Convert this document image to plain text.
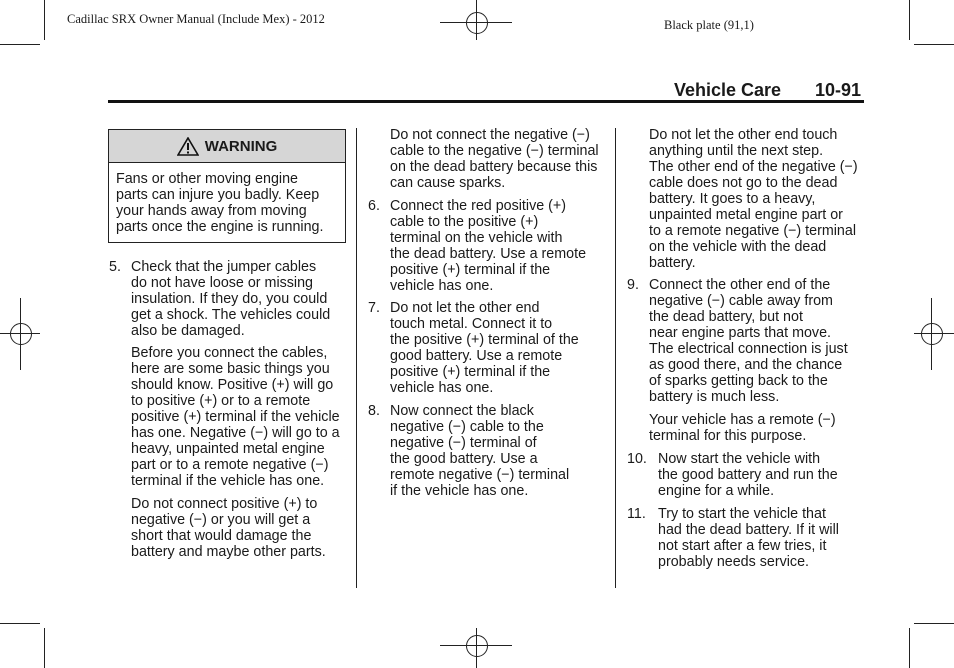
Cadillac SRX Owner Manual (Include Mex) - 2012	Black plate (91,1)
Vehicle Care 10-91
WARNING
Fans or other moving engine
parts can injure you badly. Keep
your hands away from moving
parts once the engine is running.
5. Check that the jumper cables
do not have loose or missing
insulation. If they do, you could
get a shock. The vehicles could
also be damaged.
Before you connect the cables,
here are some basic things you
should know. Positive (+) will go
to positive (+) or to a remote
positive (+) terminal if the vehicle
has one. Negative (−) will go to a
heavy, unpainted metal engine
part or to a remote negative (−)
terminal if the vehicle has one.
Do not connect positive (+) to
negative (−) or you will get a
short that would damage the
battery and maybe other parts.
Do not connect the negative (−)
cable to the negative (−) terminal
on the dead battery because this
can cause sparks.
6. Connect the red positive (+)
cable to the positive (+)
terminal on the vehicle with
the dead battery. Use a remote
positive (+) terminal if the
vehicle has one.
7. Do not let the other end
touch metal. Connect it to
the positive (+) terminal of the
good battery. Use a remote
positive (+) terminal if the
vehicle has one.
8. Now connect the black
negative (−) cable to the
negative (−) terminal of
the good battery. Use a
remote negative (−) terminal
if the vehicle has one.
Do not let the other end touch
anything until the next step.
The other end of the negative (−)
cable does not go to the dead
battery. It goes to a heavy,
unpainted metal engine part or
to a remote negative (−) terminal
on the vehicle with the dead
battery.
9. Connect the other end of the
negative (−) cable away from
the dead battery, but not
near engine parts that move.
The electrical connection is just
as good there, and the chance
of sparks getting back to the
battery is much less.
Your vehicle has a remote (−)
terminal for this purpose.
10. Now start the vehicle with
the good battery and run the
engine for a while.
11. Try to start the vehicle that
had the dead battery. If it will
not start after a few tries, it
probably needs service.
